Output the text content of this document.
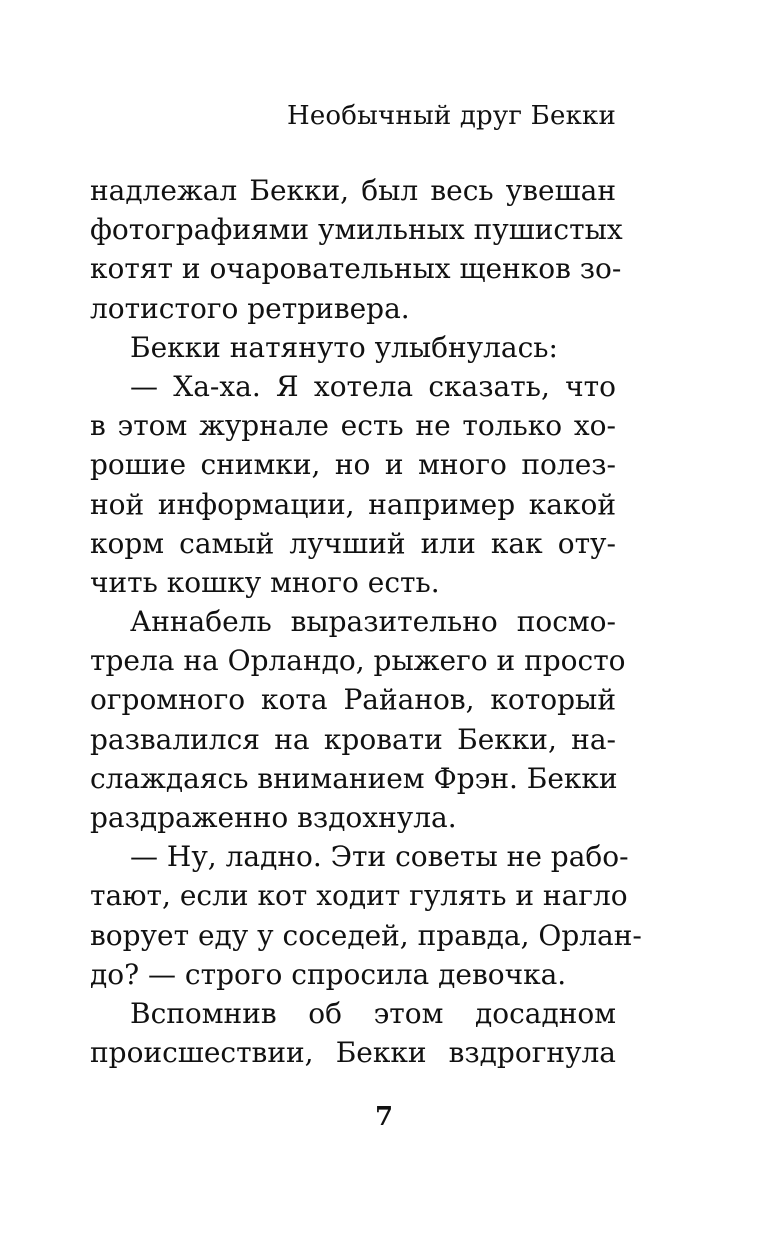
Необычный друг Бекки
надлежал Бекки, был весь увешан
фотографиями умильных пушистых
котят и очаровательных щенков зо-
лотистого ретривера.
Бекки натянуто улыбнулась:
— Ха-ха. Я хотела сказать, что
в этом журнале есть не только хо-
рошие снимки, но и много полез-
ной информации, например какой
корм самый лучший или как оту-
чить кошку много есть.
Аннабель выразительно посмо-
трела на Орландо, рыжего и просто
огромного кота Райанов, который
развалился на кровати Бекки, на-
слаждаясь вниманием Фрэн. Бекки
раздраженно вздохнула.
— Ну, ладно. Эти советы не рабо-
тают, если кот ходит гулять и нагло
ворует еду у соседей, правда, Орлан-
до? — строго спросила девочка.
Вспомнив об этом досадном
происшествии, Бекки вздрогнула
7
